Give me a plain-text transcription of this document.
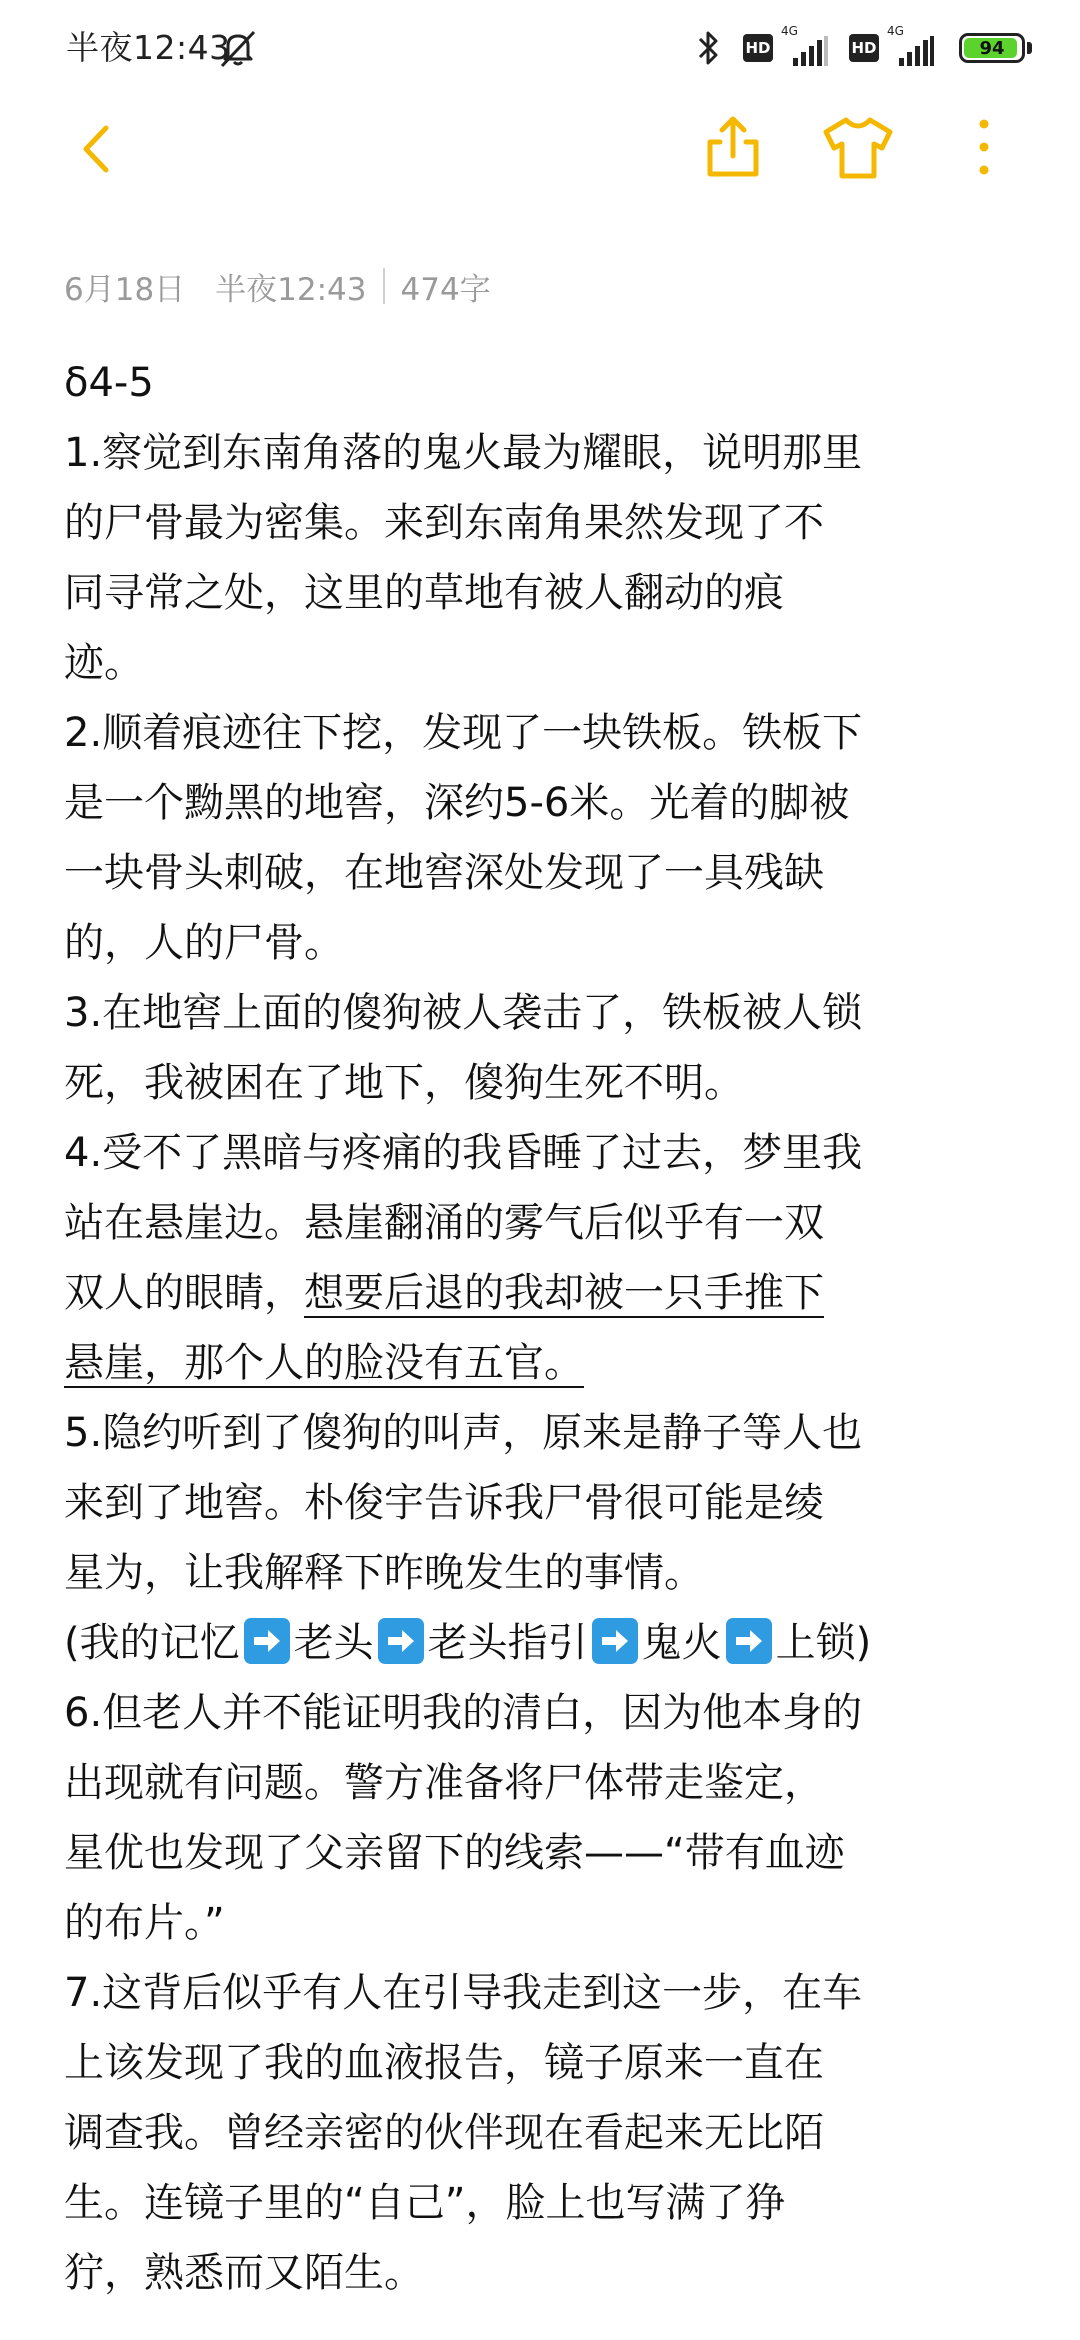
半夜12:43	HD
4G
HD
4G
94
6月18日 半夜12:43 474字
δ4-5
1.察觉到东南角落的鬼火最为耀眼，说明那里
的尸骨最为密集。来到东南角果然发现了不
同寻常之处，这里的草地有被人翻动的痕
迹。
2.顺着痕迹往下挖，发现了一块铁板。铁板下
是一个黝黑的地窖，深约5-6米。光着的脚被
一块骨头刺破，在地窖深处发现了一具残缺
的，人的尸骨。
3.在地窖上面的傻狗被人袭击了，铁板被人锁
死，我被困在了地下，傻狗生死不明。
4.受不了黑暗与疼痛的我昏睡了过去，梦里我
站在悬崖边。悬崖翻涌的雾气后似乎有一双
双人的眼睛，想要后退的我却被一只手推下
悬崖，那个人的脸没有五官。
5.隐约听到了傻狗的叫声，原来是静子等人也
来到了地窖。朴俊宇告诉我尸骨很可能是绫
星为，让我解释下昨晚发生的事情。
(我的记忆 老头 老头指引 鬼火 上锁)
6.但老人并不能证明我的清白，因为他本身的
出现就有问题。警方准备将尸体带走鉴定，
星优也发现了父亲留下的线索——“带有血迹
的布片。”
7.这背后似乎有人在引导我走到这一步，在车
上该发现了我的血液报告，镜子原来一直在
调查我。曾经亲密的伙伴现在看起来无比陌
生。连镜子里的“自己”，脸上也写满了狰
狞，熟悉而又陌生。
